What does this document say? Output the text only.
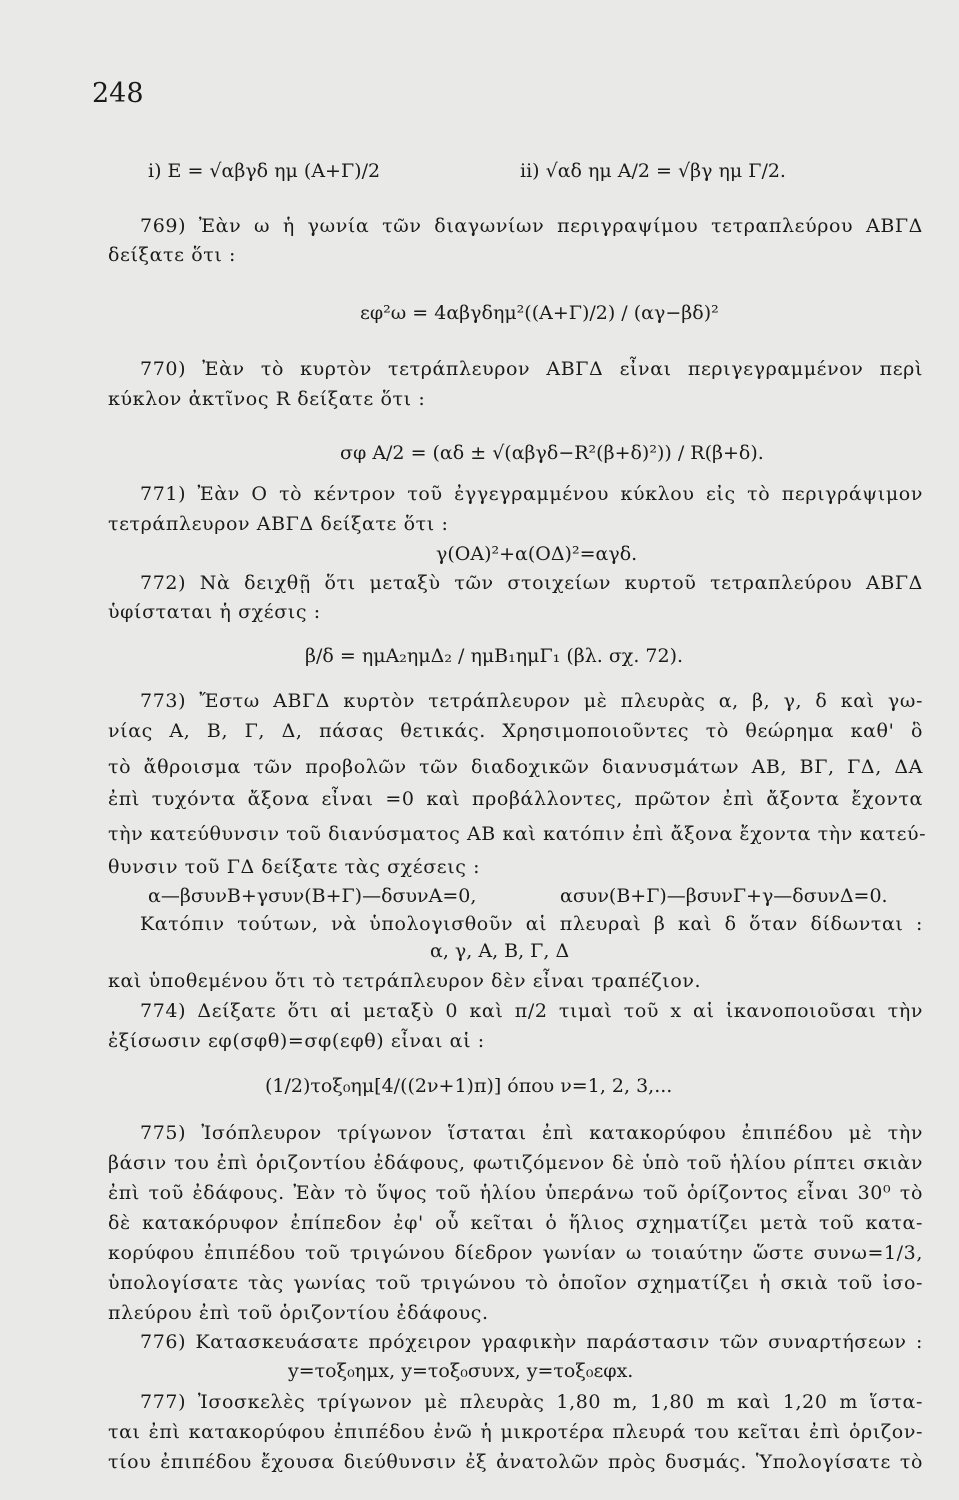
248
i) E = √αβγδ ημ (A+Γ)/2	ii) √αδ ημ A/2 = √βγ ημ Γ/2.
769) Ἐὰν ω ἡ γωνία τῶν διαγωνίων περιγραψίμου τετραπλεύρου ΑΒΓΔ
δείξατε ὅτι :
εφ²ω = 4αβγδημ²((A+Γ)/2) / (αγ−βδ)²
770) Ἐὰν τὸ κυρτὸν τετράπλευρον ΑΒΓΔ εἶναι περιγεγραμμένον περὶ
κύκλον ἀκτῖνος R δείξατε ὅτι :
σφ A/2 = (αδ ± √(αβγδ−R²(β+δ)²)) / R(β+δ).
771) Ἐὰν Ο τὸ κέντρον τοῦ ἐγγεγραμμένου κύκλου εἰς τὸ περιγράψιμον
τετράπλευρον ΑΒΓΔ δείξατε ὅτι :
γ(OA)²+α(OΔ)²=αγδ.
772) Νὰ δειχθῇ ὅτι μεταξὺ τῶν στοιχείων κυρτοῦ τετραπλεύρου ΑΒΓΔ
ὑφίσταται ἡ σχέσις :
β/δ = ημA₂ημΔ₂ / ημB₁ημΓ₁ (βλ. σχ. 72).
773) Ἔστω ΑΒΓΔ κυρτὸν τετράπλευρον μὲ πλευρὰς α, β, γ, δ καὶ γω-
νίας Α, Β, Γ, Δ, πάσας θετικάς. Χρησιμοποιοῦντες τὸ θεώρημα καθ' ὃ
τὸ ἄθροισμα τῶν προβολῶν τῶν διαδοχικῶν διανυσμάτων ΑΒ, ΒΓ, ΓΔ, ΔΑ
ἐπὶ τυχόντα ἄξονα εἶναι =0 καὶ προβάλλοντες, πρῶτον ἐπὶ ἄξοντα ἔχοντα
τὴν κατεύθυνσιν τοῦ διανύσματος ΑΒ καὶ κατόπιν ἐπὶ ἄξονα ἔχοντα τὴν κατεύ-
θυνσιν τοῦ ΓΔ δείξατε τὰς σχέσεις :
α—βσυνB+γσυν(B+Γ)—δσυνA=0,	ασυν(B+Γ)—βσυνΓ+γ—δσυνΔ=0.
Κατόπιν τούτων, νὰ ὑπολογισθοῦν αἱ πλευραὶ β καὶ δ ὅταν δίδωνται :
α, γ, A, B, Γ, Δ
καὶ ὑποθεμένου ὅτι τὸ τετράπλευρον δὲν εἶναι τραπέζιον.
774) Δείξατε ὅτι αἱ μεταξὺ 0 καὶ π/2 τιμαὶ τοῦ x αἱ ἱκανοποιοῦσαι τὴν
ἐξίσωσιν εφ(σφθ)=σφ(εφθ) εἶναι αἱ :
(1/2)τοξ₀ημ[4/((2ν+1)π)] όπου ν=1, 2, 3,...
775) Ἰσόπλευρον τρίγωνον ἵσταται ἐπὶ κατακορύφου ἐπιπέδου μὲ τὴν
βάσιν του ἐπὶ ὁριζοντίου ἐδάφους, φωτιζόμενον δὲ ὑπὸ τοῦ ἡλίου ρίπτει σκιὰν
ἐπὶ τοῦ ἐδάφους. Ἐὰν τὸ ὕψος τοῦ ἡλίου ὑπεράνω τοῦ ὁρίζοντος εἶναι 30⁰ τὸ
δὲ κατακόρυφον ἐπίπεδον ἐφ' οὗ κεῖται ὁ ἥλιος σχηματίζει μετὰ τοῦ κατα-
κορύφου ἐπιπέδου τοῦ τριγώνου δίεδρον γωνίαν ω τοιαύτην ὥστε συνω=1/3,
ὑπολογίσατε τὰς γωνίας τοῦ τριγώνου τὸ ὁποῖον σχηματίζει ἡ σκιὰ τοῦ ἰσο-
πλεύρου ἐπὶ τοῦ ὁριζοντίου ἐδάφους.
776) Κατασκευάσατε πρόχειρον γραφικὴν παράστασιν τῶν συναρτήσεων :
y=τοξ₀ημx, y=τοξ₀συνx, y=τοξ₀εφx.
777) Ἰσοσκελὲς τρίγωνον μὲ πλευρὰς 1,80 m, 1,80 m καὶ 1,20 m ἵστα-
ται ἐπὶ κατακορύφου ἐπιπέδου ἐνῶ ἡ μικροτέρα πλευρά του κεῖται ἐπὶ ὁριζον-
τίου ἐπιπέδου ἔχουσα διεύθυνσιν ἐξ ἀνατολῶν πρὸς δυσμάς. Ὑπολογίσατε τὸ
